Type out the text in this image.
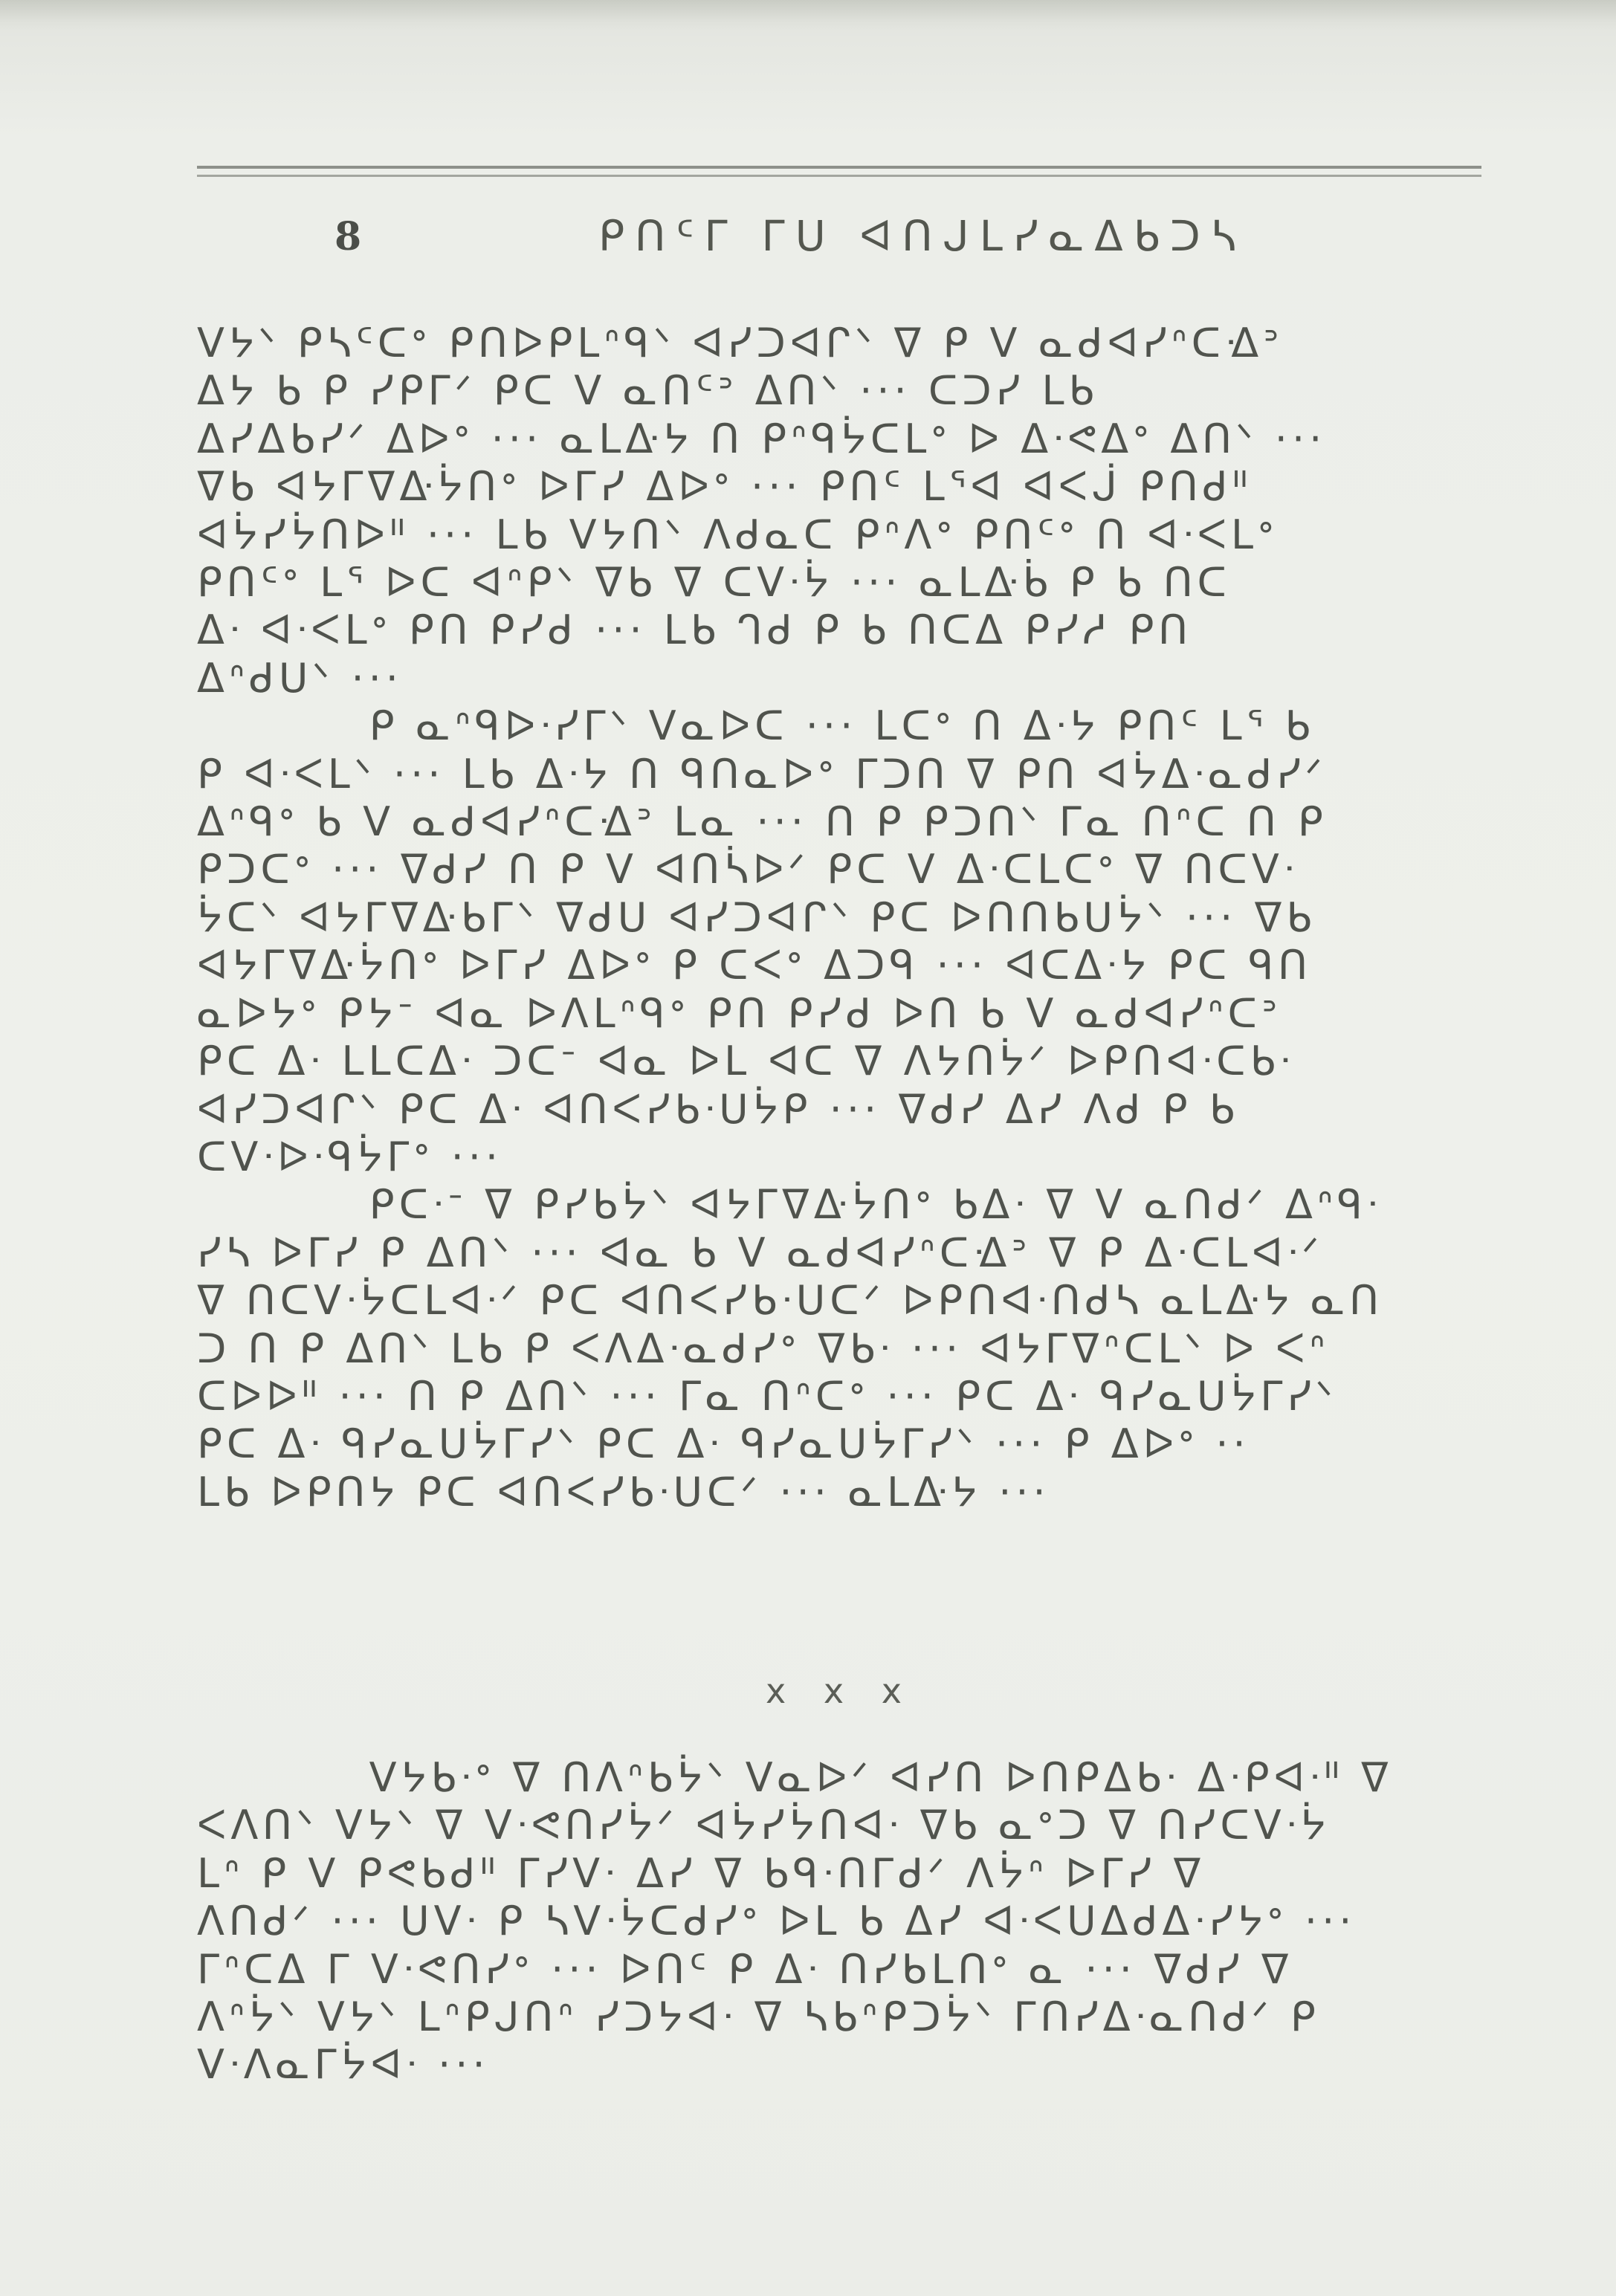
8	ᑭᑎᑦᒥ ᒥᑌ ᐊᑎᒍᒪᓯᓇᐃᑲᑐᓴ

ᐯᔭᐠ ᑭᓴᑦᑕᐤ ᑭᑎᐅᑭᒪᐢᑫᐠ ᐊᓯᑐᐊᒋᐠ ᐁ ᑭ ᐯ ᓇᑯᐊᓯᐢᑕᐎᐣ
ᐃᔭ ᑲ ᑭ ᓯᑭᒥᐟ ᑭᑕ ᐯ ᓇᑎᑦᐣ ᐃᑎᐠ ··· ᑕᑐᓯ ᒪᑲ
ᐃᓯᐃᑲᓯᐟ ᐃᐅᐤ ··· ᓇᒪᐏᔭ ᑎ ᑭᐢᑫᔮᑕᒪᐤ ᐅ ᐃᐧᕙᐃᐤ ᐃᑎᐠ ···
ᐁᑲ ᐊᔭᒥᐁᐏᔮᑎᐤ ᐅᒥᓯ ᐃᐅᐤ ··· ᑭᑎᑦ ᒪᕐᐊ ᐊᐸᒎ ᑭᑎᑯᐦ
ᐊᔮᓯᔮᑎᐅᐦ ··· ᒪᑲ ᐯᔭᑎᐠ ᐱᑯᓇᑕ ᑭᐢᐱᐤ ᑭᑎᑦᐤ ᑎ ᐊᐧᐸᒪᐤ
ᑭᑎᑦᐤ ᒪᕐ ᐅᑕ ᐊᐢᑭᐠ ᐁᑲ ᐁ ᑕᐯᐧᔮ ··· ᓇᒪᐏᑳ ᑭ ᑲ ᑎᑕ
ᐃᐧ ᐊᐧᐸᒪᐤ ᑭᑎ ᑭᓯᑯ ··· ᒪᑲ ᒉᑯ ᑭ ᑲ ᑎᑕᐃ ᑭᓯᓱ ᑭᑎ
ᐃᐢᑯᑌᐠ ···

ᑭ ᓇᐢᑫᐅᐧᓯᒥᐠ ᐯᓇᐅᑕ ··· ᒪᑕᐤ ᑎ ᐃᐧᔭ ᑭᑎᑦ ᒪᕐ ᑲ
ᑭ ᐊᐧᐸᒪᐠ ··· ᒪᑲ ᐃᐧᔭ ᑎ ᑫᑎᓇᐅᐤ ᒥᑐᑎ ᐁ ᑭᑎ ᐊᔮᐃᐧᓇᑯᓯᐟ
ᐃᐢᑫᐤ ᑲ ᐯ ᓇᑯᐊᓯᐢᑕᐎᐣ ᒪᓇ ··· ᑎ ᑭ ᑭᑐᑎᐠ ᒥᓇ ᑎᐢᑕ ᑎ ᑭ
ᑭᑐᑕᐤ ··· ᐁᑯᓯ ᑎ ᑭ ᐯ ᐊᑎᓵᐅᐟ ᑭᑕ ᐯ ᐃᐧᑕᒪᑕᐤ ᐁ ᑎᑕᐯᐧ
ᔮᑕᐠ ᐊᔭᒥᐁᐏᑲᒥᐠ ᐁᑯᑌ ᐊᓯᑐᐊᒋᐠ ᑭᑕ ᐅᑎᑎᑲᑌᔮᐠ ··· ᐁᑲ
ᐊᔭᒥᐁᐏᔮᑎᐤ ᐅᒥᓯ ᐃᐅᐤ ᑭ ᑕᐸᐤ ᐃᑐᑫ ··· ᐊᑕᐃᐧᔭ ᑭᑕ ᑫᑎ
ᓇᐅᔭᐤ ᑭᔭᐨ ᐊᓇ ᐅᐱᒪᐢᑫᐤ ᑭᑎ ᑭᓯᑯ ᐅᑎ ᑲ ᐯ ᓇᑯᐊᓯᐢᑕᐣ
ᑭᑕ ᐃᐧ ᒪᒪᑕᐃᐧ ᑐᑕᐨ ᐊᓇ ᐅᒪ ᐊᑕ ᐁ ᐱᔭᑎᔮᐟ ᐅᑭᑎᐊᐧᑕᑲᐧ
ᐊᓯᑐᐊᒋᐠ ᑭᑕ ᐃᐧ ᐊᑎᐸᓯᑲᐧᑌᔮᑭ ··· ᐁᑯᓯ ᐃᓯ ᐱᑯ ᑭ ᑲ
ᑕᐯᐧᐅᐧᑫᔮᒥᐤ ···

ᑭᑕᐧᐨ ᐁ ᑭᓯᑲᔮᐠ ᐊᔭᒥᐁᐏᔮᑎᐤ ᑲᐃᐧ ᐁ ᐯ ᓇᑎᑯᐟ ᐃᐢᑫᐧ
ᓯᓴ ᐅᒥᓯ ᑭ ᐃᑎᐠ ··· ᐊᓇ ᑲ ᐯ ᓇᑯᐊᓯᐢᑕᐎᐣ ᐁ ᑭ ᐃᐧᑕᒪᐊᐧᐟ
ᐁ ᑎᑕᐯᐧᔮᑕᒪᐊᐧᐟ ᑭᑕ ᐊᑎᐸᓯᑲᐧᑌᑕᐟ ᐅᑭᑎᐊᐧᑎᑯᓴ ᓇᒪᐏᔭ ᓇᑎ
ᑐ ᑎ ᑭ ᐃᑎᐠ ᒪᑲ ᑭ ᐸᐱᐃᐧᓇᑯᓯᐤ ᐁᑲᐧ ··· ᐊᔭᒥᐁᐢᑕᒪᐠ ᐅ ᐸᐢ
ᑕᐅᐅᐦ ··· ᑎ ᑭ ᐃᑎᐠ ··· ᒥᓇ ᑎᐢᑕᐤ ··· ᑭᑕ ᐃᐧ ᑫᓯᓇᑌᔮᒥᓯᐠ
ᑭᑕ ᐃᐧ ᑫᓯᓇᑌᔮᒥᓯᐠ ᑭᑕ ᐃᐧ ᑫᓯᓇᑌᔮᒥᓯᐠ ··· ᑭ ᐃᐅᐤ ··
ᒪᑲ ᐅᑭᑎᔭ ᑭᑕ ᐊᑎᐸᓯᑲᐧᑌᑕᐟ ··· ᓇᒪᐏᔭ ···

x x x

ᐯᔭᑲᐧᐤ ᐁ ᑎᐱᐢᑲᔮᐠ ᐯᓇᐅᐟ ᐊᓯᑎ ᐅᑎᑭᐃᑲᐧ ᐃᐧᑭᐊᐧᐦ ᐁ
ᐸᐱᑎᐠ ᐯᔭᐠ ᐁ ᐯᐧᕙᑎᓯᔮᐟ ᐊᔮᓯᔮᑎᐊᐧ ᐁᑲ ᓇᐤᑐ ᐁ ᑎᓯᑕᐯᐧᔮ
ᒪᐢ ᑭ ᐯ ᑭᕙᑲᑯᐦ ᒥᓯᐯᐧ ᐃᓯ ᐁ ᑲᑫᐧᑎᒥᑯᐟ ᐱᔮᐢ ᐅᒥᓯ ᐁ
ᐱᑎᑯᐟ ··· ᑌᐯᐧ ᑭ ᓴᐯᐧᔮᑕᑯᓯᐤ ᐅᒪ ᑲ ᐃᓯ ᐊᐧᐸᑌᐃᑯᐃᐧᓯᔭᐤ ···
ᒥᐢᑕᐃ ᒥ ᐯᐧᕙᑎᓯᐤ ··· ᐅᑎᑦ ᑭ ᐃᐧ ᑎᓯᑲᒪᑎᐤ ᓇ ··· ᐁᑯᓯ ᐁ
ᐱᐢᔮᐠ ᐯᔭᐠ ᒪᐢᑭᒍᑎᐢ ᓯᑐᔭᐊᐧ ᐁ ᓴᑲᐢᑭᑐᔮᐠ ᒥᑎᓯᐃᐧᓇᑎᑯᐟ ᑭ
ᐯᐧᐱᓇᒥᔮᐊᐧ ···
